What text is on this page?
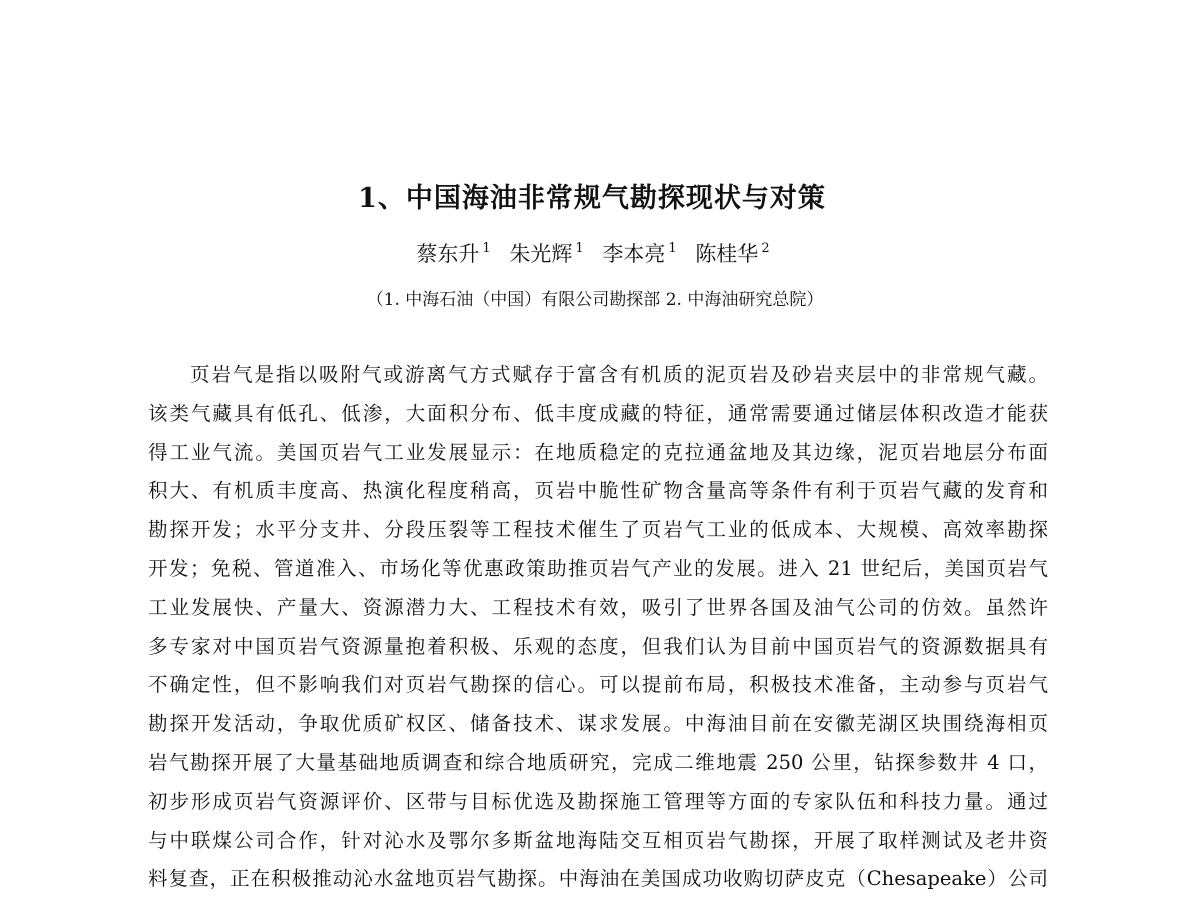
1、中国海油非常规气勘探现状与对策
蔡东升 $^1$ 朱光辉 $^1$ 李本亮 $^1$ 陈桂华 $^2$

（1. 中海石油（中国）有限公司勘探部 2. 中海油研究总院）

页岩气是指以吸附气或游离气方式赋存于富含有机质的泥页岩及砂岩夹层中的非常规气藏。
该类气藏具有低孔、低渗，大面积分布、低丰度成藏的特征，通常需要通过储层体积改造才能获
得工业气流。美国页岩气工业发展显示：在地质稳定的克拉通盆地及其边缘，泥页岩地层分布面
积大、有机质丰度高、热演化程度稍高，页岩中脆性矿物含量高等条件有利于页岩气藏的发育和
勘探开发；水平分支井、分段压裂等工程技术催生了页岩气工业的低成本、大规模、高效率勘探
开发；免税、管道准入、市场化等优惠政策助推页岩气产业的发展。进入 21 世纪后，美国页岩气
工业发展快、产量大、资源潜力大、工程技术有效，吸引了世界各国及油气公司的仿效。虽然许
多专家对中国页岩气资源量抱着积极、乐观的态度，但我们认为目前中国页岩气的资源数据具有
不确定性，但不影响我们对页岩气勘探的信心。可以提前布局，积极技术准备，主动参与页岩气
勘探开发活动，争取优质矿权区、储备技术、谋求发展。中海油目前在安徽芜湖区块围绕海相页
岩气勘探开展了大量基础地质调查和综合地质研究，完成二维地震 250 公里，钻探参数井 4 口，
初步形成页岩气资源评价、区带与目标优选及勘探施工管理等方面的专家队伍和科技力量。通过
与中联煤公司合作，针对沁水及鄂尔多斯盆地海陆交互相页岩气勘探，开展了取样测试及老井资
料复查，正在积极推动沁水盆地页岩气勘探。中海油在美国成功收购切萨皮克（Chesapeake）公司
